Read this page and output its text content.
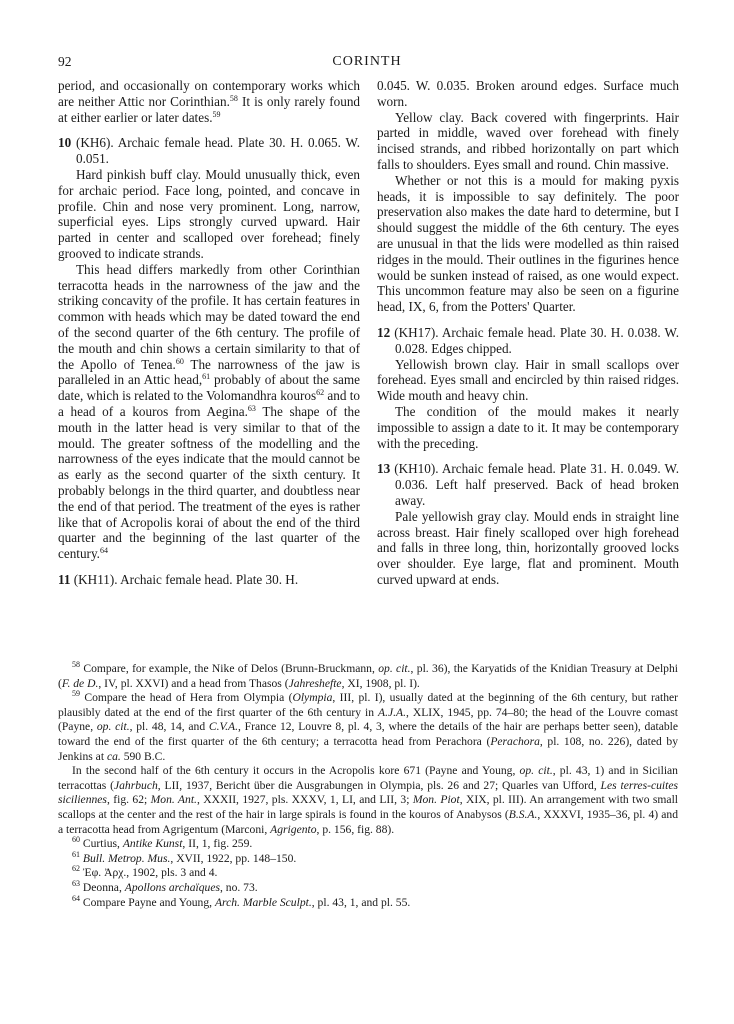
92	CORINTH

period, and occasionally on contemporary works which are neither Attic nor Corinthian.$^{58}$ It is only rarely found at either earlier or later dates.$^{59}$

10 (KH6). Archaic female head. Plate 30. H. 0.065. W. 0.051.

Hard pinkish buff clay. Mould unusually thick, even for archaic period. Face long, pointed, and concave in profile. Chin and nose very prominent. Long, narrow, superficial eyes. Lips strongly curved upward. Hair parted in center and scalloped over forehead; finely grooved to indicate strands.

This head differs markedly from other Corinthian terracotta heads in the narrowness of the jaw and the striking concavity of the profile. It has certain features in common with heads which may be dated toward the end of the second quarter of the 6th century. The profile of the mouth and chin shows a certain similarity to that of the Apollo of Tenea.$^{60}$ The narrowness of the jaw is paralleled in an Attic head,$^{61}$ probably of about the same date, which is related to the Volomandhra kouros$^{62}$ and to a head of a kouros from Aegina.$^{63}$ The shape of the mouth in the latter head is very similar to that of the mould. The greater softness of the modelling and the narrowness of the eyes indicate that the mould cannot be as early as the second quarter of the sixth century. It probably belongs in the third quarter, and doubtless near the end of that period. The treatment of the eyes is rather like that of Acropolis korai of about the end of the third quarter and the beginning of the last quarter of the century.$^{64}$

11 (KH11). Archaic female head. Plate 30. H.

0.045. W. 0.035. Broken around edges. Surface much worn.

Yellow clay. Back covered with fingerprints. Hair parted in middle, waved over forehead with finely incised strands, and ribbed horizontally on part which falls to shoulders. Eyes small and round. Chin massive.

Whether or not this is a mould for making pyxis heads, it is impossible to say definitely. The poor preservation also makes the date hard to determine, but I should suggest the middle of the 6th century. The eyes are unusual in that the lids were modelled as thin raised ridges in the mould. Their outlines in the figurines hence would be sunken instead of raised, as one would expect. This uncommon feature may also be seen on a figurine head, IX, 6, from the Potters' Quarter.

12 (KH17). Archaic female head. Plate 30. H. 0.038. W. 0.028. Edges chipped.

Yellowish brown clay. Hair in small scallops over forehead. Eyes small and encircled by thin raised ridges. Wide mouth and heavy chin.

The condition of the mould makes it nearly impossible to assign a date to it. It may be contemporary with the preceding.

13 (KH10). Archaic female head. Plate 31. H. 0.049. W. 0.036. Left half preserved. Back of head broken away.

Pale yellowish gray clay. Mould ends in straight line across breast. Hair finely scalloped over high forehead and falls in three long, thin, horizontally grooved locks over shoulder. Eye large, flat and prominent. Mouth curved upward at ends.

$^{58}$ Compare, for example, the Nike of Delos (Brunn-Bruckmann, op. cit., pl. 36), the Karyatids of the Knidian Treasury at Delphi (F. de D., IV, pl. XXVI) and a head from Thasos (Jahreshefte, XI, 1908, pl. I).

$^{59}$ Compare the head of Hera from Olympia (Olympia, III, pl. I), usually dated at the beginning of the 6th century, but rather plausibly dated at the end of the first quarter of the 6th century in A.J.A., XLIX, 1945, pp. 74–80; the head of the Louvre comast (Payne, op. cit., pl. 48, 14, and C.V.A., France 12, Louvre 8, pl. 4, 3, where the details of the hair are perhaps better seen), datable toward the end of the first quarter of the 6th century; a terracotta head from Perachora (Perachora, pl. 108, no. 226), dated by Jenkins at ca. 590 B.C.

In the second half of the 6th century it occurs in the Acropolis kore 671 (Payne and Young, op. cit., pl. 43, 1) and in Sicilian terracottas (Jahrbuch, LII, 1937, Bericht über die Ausgrabungen in Olympia, pls. 26 and 27; Quarles van Ufford, Les terres-cuites siciliennes, fig. 62; Mon. Ant., XXXII, 1927, pls. XXXV, 1, LI, and LII, 3; Mon. Piot, XIX, pl. III). An arrangement with two small scallops at the center and the rest of the hair in large spirals is found in the kouros of Anabysos (B.S.A., XXXVI, 1935–36, pl. 4) and a terracotta head from Agrigentum (Marconi, Agrigento, p. 156, fig. 88).

$^{60}$ Curtius, Antike Kunst, II, 1, fig. 259.

$^{61}$ Bull. Metrop. Mus., XVII, 1922, pp. 148–150.

$^{62}$ Ἐφ. Ἀρχ., 1902, pls. 3 and 4.

$^{63}$ Deonna, Apollons archaïques, no. 73.

$^{64}$ Compare Payne and Young, Arch. Marble Sculpt., pl. 43, 1, and pl. 55.
